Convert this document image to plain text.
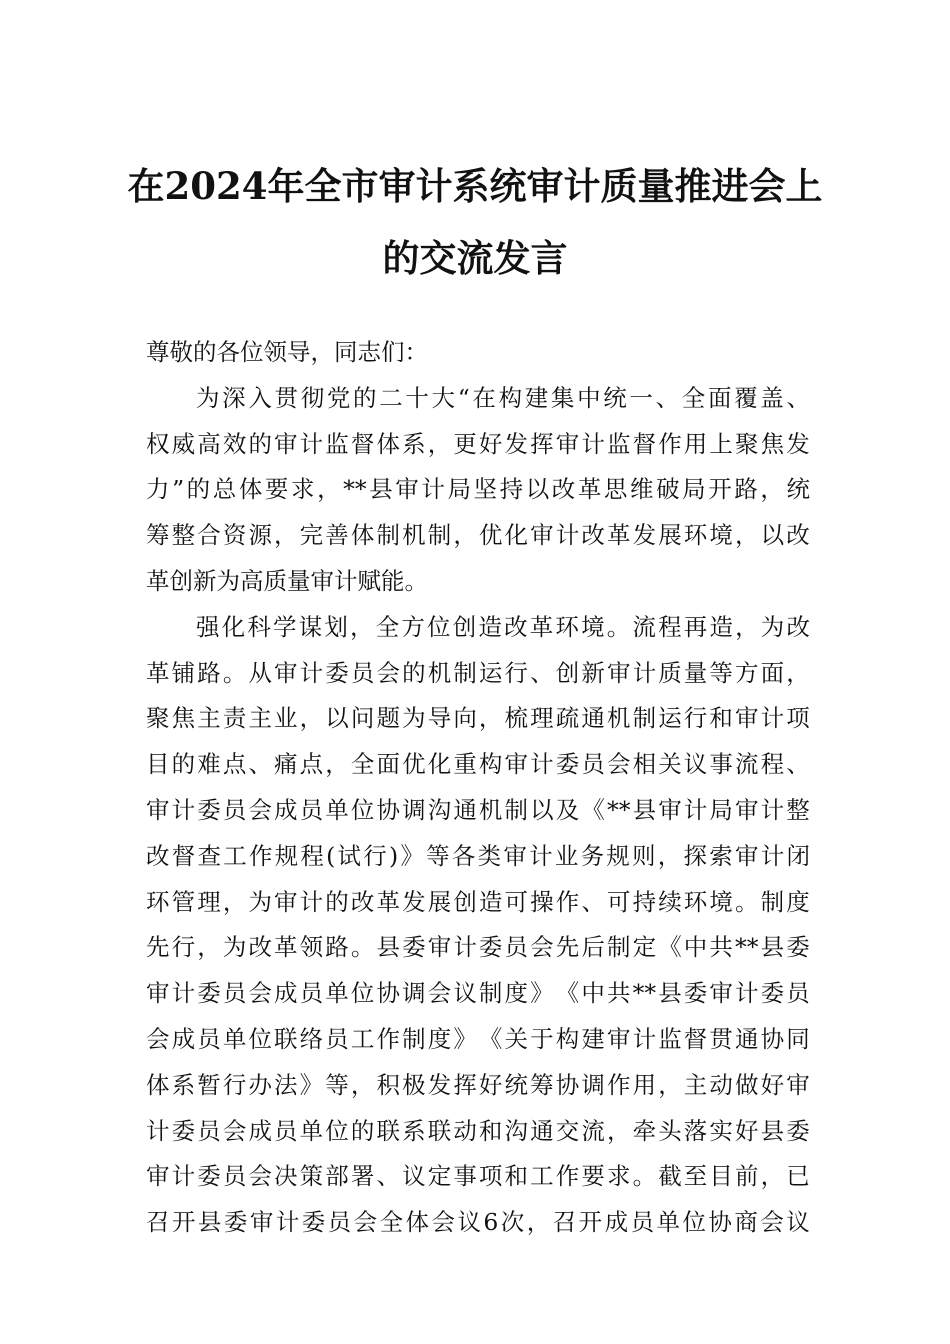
在2024年全市审计系统审计质量推进会上
的交流发言
尊敬的各位领导，同志们：
为 深 入 贯 彻 党 的 二 十 大 “ 在 构 建 集 中 统 一 、 全 面 覆 盖 、
权 威 高 效 的 审 计 监 督 体 系 ， 更 好 发 挥 审 计 监 督 作 用 上 聚 焦 发
力 ” 的 总 体 要 求 ， ** 县 审 计 局 坚 持 以 改 革 思 维 破 局 开 路 ， 统
筹 整 合 资 源 ， 完 善 体 制 机 制 ， 优 化 审 计 改 革 发 展 环 境 ， 以 改
革创新为高质量审计赋能。
强 化 科 学 谋 划 ， 全 方 位 创 造 改 革 环 境 。 流 程 再 造 ， 为 改
革 铺 路 。 从 审 计 委 员 会 的 机 制 运 行 、 创 新 审 计 质 量 等 方 面 ，
聚 焦 主 责 主 业 ， 以 问 题 为 导 向 ， 梳 理 疏 通 机 制 运 行 和 审 计 项
目 的 难 点 、 痛 点 ， 全 面 优 化 重 构 审 计 委 员 会 相 关 议 事 流 程 、
审 计 委 员 会 成 员 单 位 协 调 沟 通 机 制 以 及 《 ** 县 审 计 局 审 计 整
改 督 查 工 作 规 程 ( 试 行 ) 》 等 各 类 审 计 业 务 规 则 ， 探 索 审 计 闭
环 管 理 ， 为 审 计 的 改 革 发 展 创 造 可 操 作 、 可 持 续 环 境 。 制 度
先 行 ， 为 改 革 领 路 。 县 委 审 计 委 员 会 先 后 制 定 《 中 共 ** 县 委
审 计 委 员 会 成 员 单 位 协 调 会 议 制 度 》 《 中 共 ** 县 委 审 计 委 员
会 成 员 单 位 联 络 员 工 作 制 度 》 《 关 于 构 建 审 计 监 督 贯 通 协 同
体 系 暂 行 办 法 》 等 ， 积 极 发 挥 好 统 筹 协 调 作 用 ， 主 动 做 好 审
计 委 员 会 成 员 单 位 的 联 系 联 动 和 沟 通 交 流 ， 牵 头 落 实 好 县 委
审 计 委 员 会 决 策 部 署 、 议 定 事 项 和 工 作 要 求 。 截 至 目 前 ， 已
召 开 县 委 审 计 委 员 会 全 体 会 议 6 次 ， 召 开 成 员 单 位 协 商 会 议
